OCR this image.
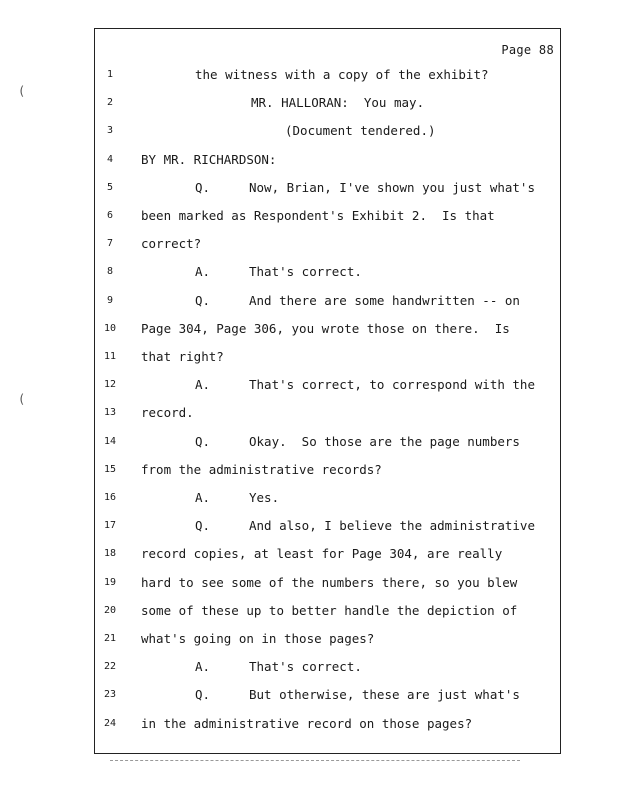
Page 88
1	the witness with a copy of the exhibit?
2	MR. HALLORAN:  You may.
3	(Document tendered.)
4	BY MR. RICHARDSON:
5	Q.	Now, Brian, I've shown you just what's
6	been marked as Respondent's Exhibit 2.  Is that
7	correct?
8	A.	That's correct.
9	Q.	And there are some handwritten -- on
10 Page 304, Page 306, you wrote those on there.  Is
11 that right?
12	A.	That's correct, to correspond with the
13 record.
14	Q.	Okay.  So those are the page numbers
15 from the administrative records?
16	A.	Yes.
17	Q.	And also, I believe the administrative
18 record copies, at least for Page 304, are really
19 hard to see some of the numbers there, so you blew
20 some of these up to better handle the depiction of
21 what's going on in those pages?
22	A.	That's correct.
23	Q.	But otherwise, these are just what's
24 in the administrative record on those pages?
(
(
